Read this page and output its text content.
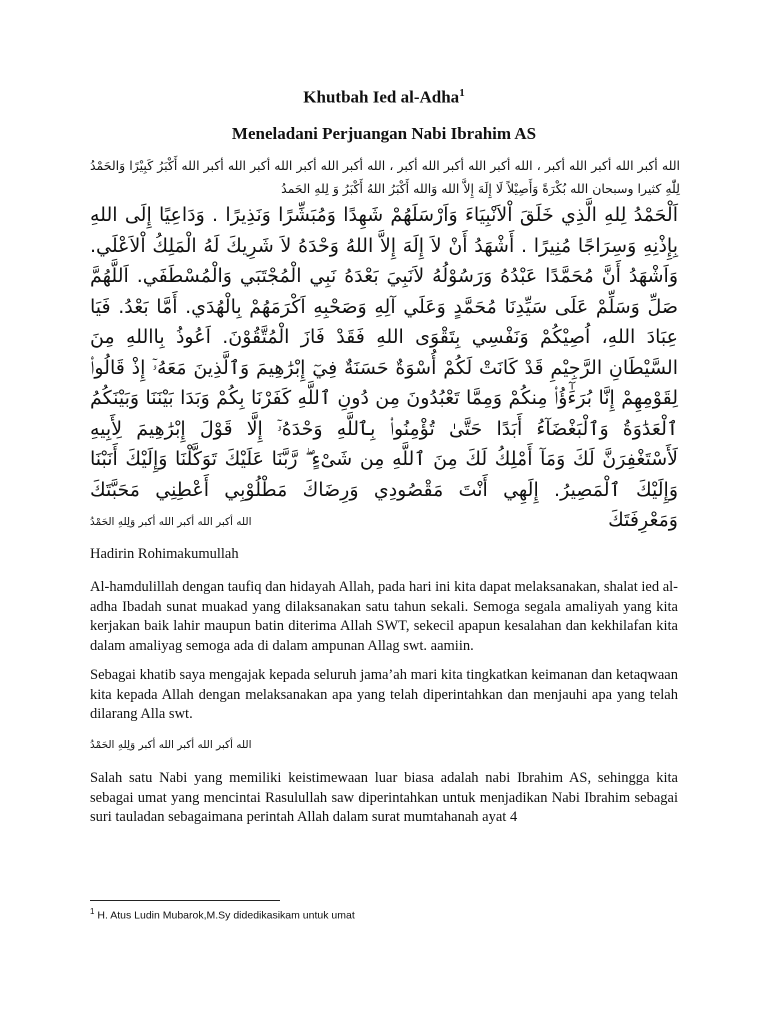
Khutbah Ied al-Adha$^1$
Meneladani Perjuangan Nabi Ibrahim AS
الله أكبر الله أكبر الله أكبر ، الله أكبر الله أكبر الله أكبر ، الله أكبر الله أكبر الله أكبر الله أكبر الله أَكْبَرُ كَبِيْرًا وَالحَمْدُ لِلّٰهِ كثيرا وسبحان الله بُكْرَةً وَأَصِيْلاً لَا إِلَهَ إِلاَّ الله وَالله أَكْبَرُ اللهُ أَكْبَرُ وَ لِلهِ الحَمدُ
اَلْحَمْدُ لِلهِ الَّذِي خَلَقَ اْلاَنْبِيَاءَ وَاَرْسَلَهُمْ شَهِدًا وَمُبَشِّرًا وَنَذِيرًا . وَدَاعِيًا إِلَى اللهِ بِإِذْنِهِ وَسِرَاجًا مُنِيرًا . أَشْهَدُ أَنْ لاَ إِلَهَ إِلاَّ اللهُ وَحْدَهُ لاَ شَرِيكَ لَهُ الْمَلِكُ اْلاَعْلَي. وَاَشْهَدُ أَنَّ مُحَمَّدًا عَبْدُهُ وَرَسُوْلُهُ لاَنَبِيَ بَعْدَهُ نَبِي الْمُجْتَبَي وَالْمُسْطَفَي. اَللَّهُمَّ صَلِّ وَسَلِّمْ عَلَى سَيِّدِنَا مُحَمَّدٍ وَعَلَي آلِهِ وَصَحْبِهِ اَكْرَمَهُمْ بِالْهُدَي. أَمَّا بَعْدُ. فَيَا عِبَادَ اللهِ، اُصِيْكُمْ وَنَفْسِي بِتَقْوَى اللهِ فَقَدْ فَازَ الْمُتَّقُوْنَ. اَعُوذُ بِااللهِ مِنَ السَّيْطَانِ الرَّجِيْمِ قَدْ كَانَتْ لَكُمْ أُسْوَةٌ حَسَنَةٌ فِيٓ إِبْرَٰهِيمَ وَٱلَّذِينَ مَعَهُۥٓ إِذْ قَالُوا۟ لِقَوْمِهِمْ إِنَّا بُرَءَٰٓؤُا۟ مِنكُمْ وَمِمَّا تَعْبُدُونَ مِن دُونِ ٱللَّهِ كَفَرْنَا بِكُمْ وَبَدَا بَيْنَنَا وَبَيْنَكُمُ ٱلْعَدَٰوَةُ وَٱلْبَغْضَآءُ أَبَدًا حَتَّىٰ تُؤْمِنُوا۟ بِٱللَّهِ وَحْدَهُۥٓ إِلَّا قَوْلَ إِبْرَٰهِيمَ لِأَبِيهِ لَأَسْتَغْفِرَنَّ لَكَ وَمَآ أَمْلِكُ لَكَ مِنَ ٱللَّهِ مِن شَىْءٍ ۖ رَّبَّنَا عَلَيْكَ تَوَكَّلْنَا وَإِلَيْكَ أَنَبْنَا وَإِلَيْكَ ٱلْمَصِيرُ. إِلَهِي أَنْتَ مَقْصُودِي وَرِضَاكَ مَطْلُوْبِي أَعْطِنِي مَحَبَّتَكَ وَمَعْرِفَتَكَ
الله أكبر الله أكبر الله أكبر وَلِلهِ الحَمْدُ

Hadirin Rohimakumullah

Al-hamdulillah dengan taufiq dan hidayah Allah, pada hari ini kita dapat melaksanakan, shalat ied al-adha Ibadah sunat muakad yang dilaksanakan satu tahun sekali. Semoga segala amaliyah yang kita kerjakan baik lahir maupun batin diterima Allah SWT, sekecil apapun kesalahan dan kekhilafan kita dalam amaliyag semoga ada di dalam ampunan Allag swt. aamiin.

Sebagai khatib saya mengajak kepada seluruh jama’ah mari kita tingkatkan keimanan dan ketaqwaan kita kepada Allah dengan melaksanakan apa yang telah diperintahkan dan menjauhi apa yang telah dilarang Alla swt.

الله أكبر الله أكبر الله أكبر وَلِلهِ الحَمْدُ

Salah satu Nabi yang memiliki keistimewaan luar biasa adalah nabi Ibrahim AS, sehingga kita sebagai umat yang mencintai Rasulullah saw diperintahkan untuk menjadikan Nabi Ibrahim sebagai suri tauladan sebagaimana perintah Allah dalam surat mumtahanah ayat 4

$^1$ H. Atus Ludin Mubarok,M.Sy didedikasikam untuk umat
